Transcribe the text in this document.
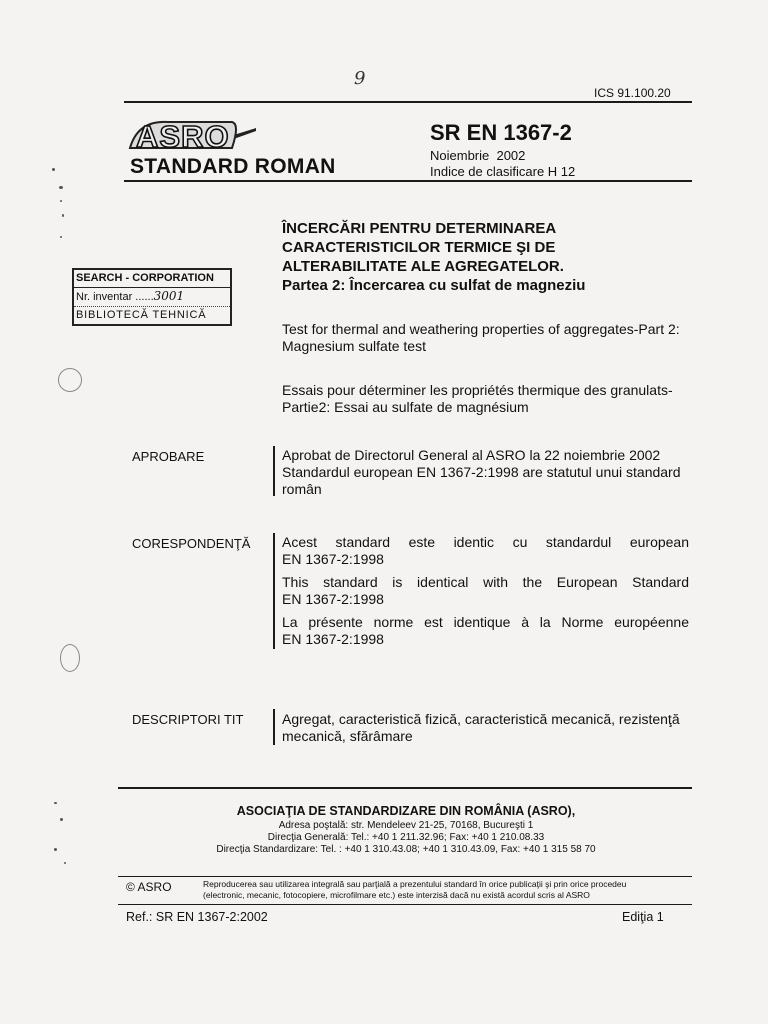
9
ICS 91.100.20
ASRO
STANDARD ROMAN
SR EN 1367-2
Noiembrie  2002
Indice de clasificare H 12
ÎNCERCĂRI PENTRU DETERMINAREA
CARACTERISTICILOR TERMICE ŞI DE
ALTERABILITATE ALE AGREGATELOR.
Partea 2: Încercarea cu sulfat de magneziu
Test for thermal and weathering properties of aggregates-Part 2:
Magnesium sulfate test
Essais pour déterminer les propriétés thermique des granulats-
Partie2: Essai au sulfate de magnésium
SEARCH - CORPORATION
Nr. inventar ......3001
BIBLIOTECĂ TEHNICĂ
APROBARE	Aprobat de Directorul General al ASRO la 22 noiembrie 2002
Standardul european EN 1367-2:1998 are statutul unui standard
român
CORESPONDENŢĂ Acest  standard  este  identic  cu  standardul  european
EN 1367-2:1998
This  standard  is  identical  with  the  European  Standard
EN 1367-2:1998
La présente norme est identique à la Norme européenne
EN 1367-2:1998
DESCRIPTORI TIT	Agregat, caracteristică fizică, caracteristică mecanică, rezistenţă
mecanică, sfărâmare
ASOCIAŢIA DE STANDARDIZARE DIN ROMÂNIA (ASRO),
Adresa poştală: str. Mendeleev 21-25, 70168, Bucureşti 1
Direcţia Generală: Tel.: +40 1 211.32.96; Fax: +40 1 210.08.33
Direcţia Standardizare: Tel. : +40 1 310.43.08; +40 1 310.43.09, Fax: +40 1 315 58 70
© ASRO	Reproducerea sau utilizarea integrală sau parţială a prezentului standard în orice publicaţii şi prin orice procedeu
(electronic, mecanic, fotocopiere, microfilmare etc.) este interzisă dacă nu există acordul scris al ASRO
Ref.: SR EN 1367-2:2002	Ediţia 1
